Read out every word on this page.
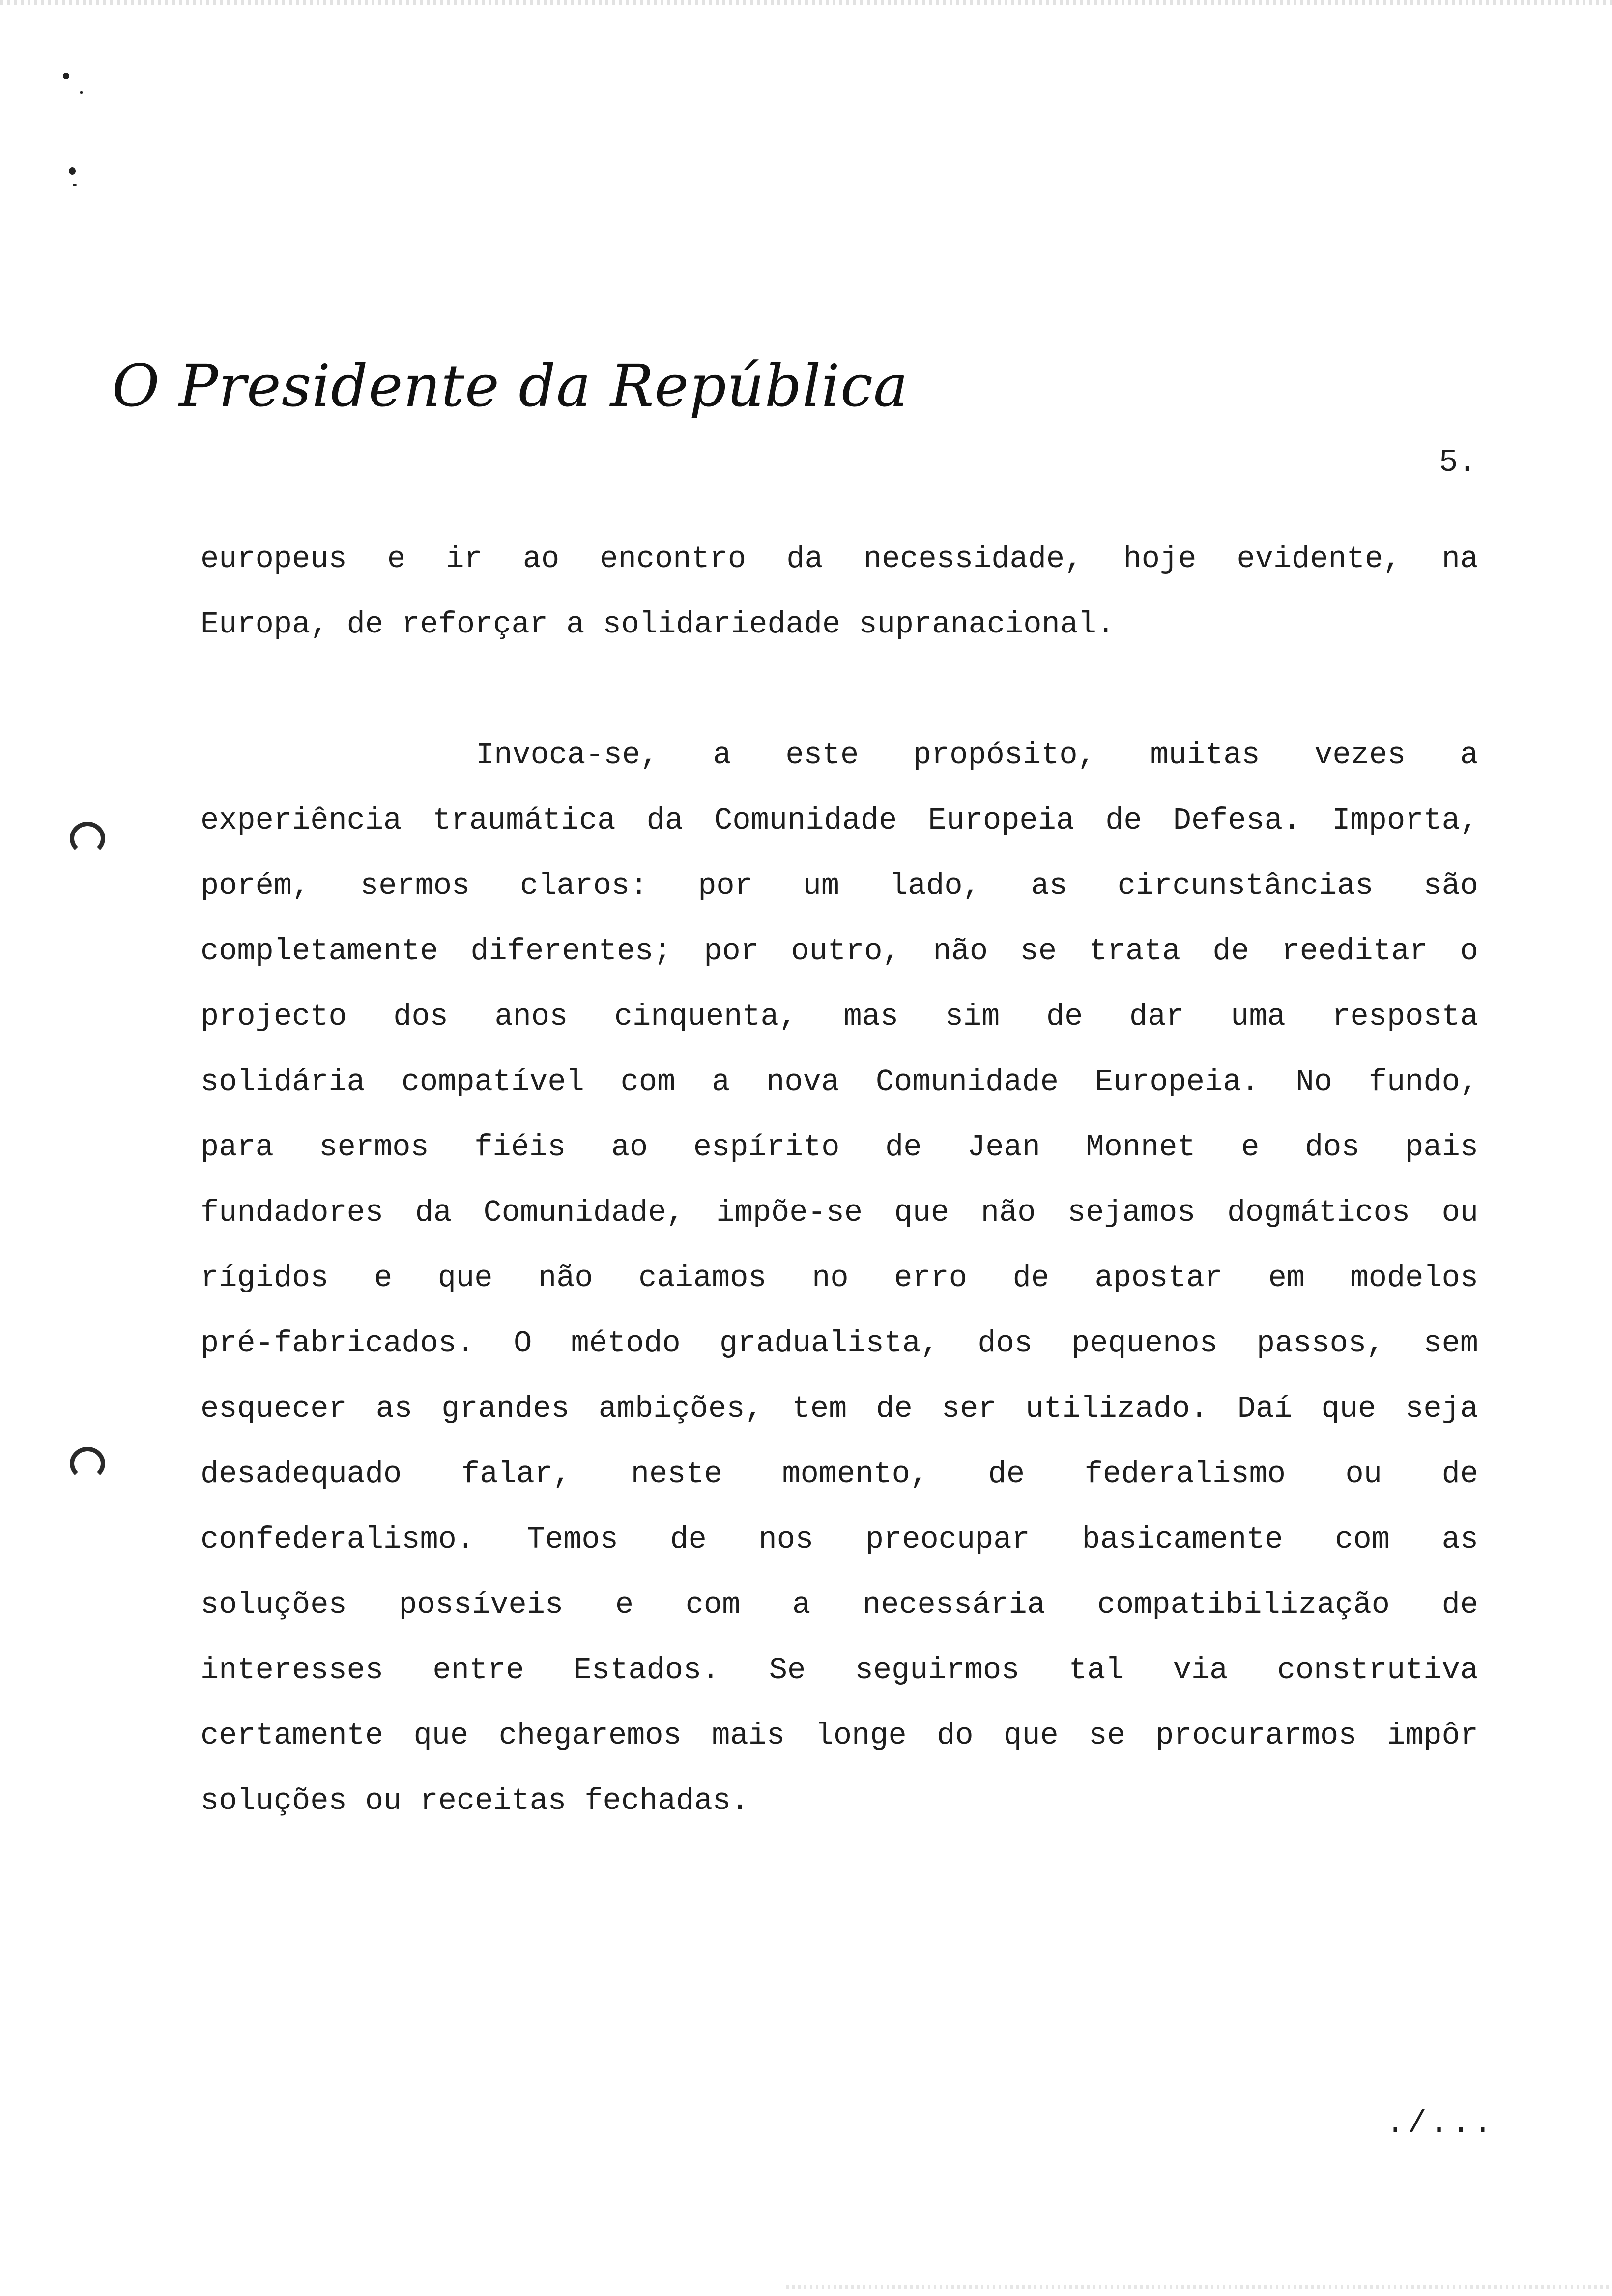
O Presidente da República
5.
europeus e ir ao encontro da necessidade, hoje evidente, na
Europa, de reforçar a solidariedade supranacional.
Invoca-se, a este propósito, muitas vezes a
experiência traumática da Comunidade Europeia de Defesa. Importa,
porém, sermos claros: por um lado, as circunstâncias são
completamente diferentes; por outro, não se trata de reeditar o
projecto dos anos cinquenta, mas sim de dar uma resposta
solidária compatível com a nova Comunidade Europeia. No fundo,
para sermos fiéis ao espírito de Jean Monnet e dos pais
fundadores da Comunidade, impõe-se que não sejamos dogmáticos ou
rígidos e que não caiamos no erro de apostar em modelos
pré-fabricados. O método gradualista, dos pequenos passos, sem
esquecer as grandes ambições, tem de ser utilizado. Daí que seja
desadequado falar, neste momento, de federalismo ou de
confederalismo. Temos de nos preocupar basicamente com as
soluções possíveis e com a necessária compatibilização de
interesses entre Estados. Se seguirmos tal via construtiva
certamente que chegaremos mais longe do que se procurarmos impôr
soluções ou receitas fechadas.
./...
